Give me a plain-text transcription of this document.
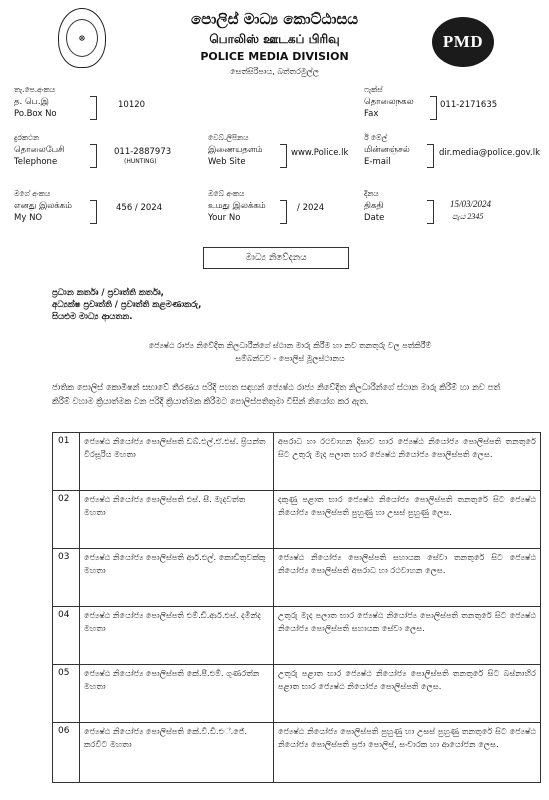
☸	PMD
පොලිස් මාධ්‍ය කොට්ඨාසය
பொலிஸ் ஊடகப் பிரிவு
POLICE MEDIA DIVISION
සෙත්සිරිපාය, බත්තරමුල්ල
තැ.පෙ.අංකය
த. பெ.இ
Po.Box No
10120
ෆැක්ස්
தொலைநகல
Fax
011-2171635
දුරකථන
தொலைபேசி
Telephone
011-2887973
(HUNTING)
වෙබ්.ලිපිනය
இணையதளம்
Web Site
www.Police.lk
ඊ මේල්
மின்னஞ்சல்
E-mail
dir.media@police.gov.lk
මගේ අංකය
எனது இலக்கம்
My NO
456 / 2024
ඔබේ අංකය
உமது இலக்கம்
Your No
/ 2024
දිනය
திகதி
Date
15/03/2024
පැය 2345
මාධ්‍ය නිවේදනය
ප්‍රධාන කර්තෘ / ප්‍රවෘත්ති කර්තෘ,
අධ්‍යක්ෂ ප්‍රවෘත්ති / ප්‍රවෘත්ති කළමණාකරු,
සියළුම මාධ්‍ය ආයතන.
ජ්‍යෙෂ්ඨ රාජ්‍ය නිවේදිත නිලධාරීන්ගේ ස්ථාන මාරු කිරීම හා නව තනතුරු වල පත්කිරීම්
සම්බන්ධව - පොලිස් මූලස්ථානය
ජාතික පොලිස් කොමිෂන් සභාවේ තීරණය පරිදි පහත සඳහන් ජ්‍යෙෂ්ඨ රාජ්‍ය නිවේදිත නිලධාරීන්ගේ ස්ථාන මාරු කිරීම් හා නව පත් කිරීම් වහාම ක්‍රියාත්මක වන පරිදි ක්‍රියාත්මක කිරීමට පොලිස්පතිතුමා විසින් නියෝග කර ඇත.
01	ජ්‍යෙෂ්ඨ නියෝජ්‍ය පොලිස්පති ඩබ්.එල්.ඒ.එස්. ප්‍රියන්ත වීරසූරිය මහතා	අපරාධ හා රථවාහන දිසාව භාර ජ්‍යෙෂ්ඨ නියෝජ්‍ය පොලිස්පති තනතුරේ සිට උතුරු මැද පලාත භාර ජ්‍යෙෂ්ඨ නියෝජ්‍ය පොලිස්පති ලෙස.
02	ජ්‍යෙෂ්ඨ නියෝජ්‍ය පොලිස්පති එස්. සී. මැදවත්ත මහතා	දකුණු පළාත භාර ජ්‍යෙෂ්ඨ නියෝජ්‍ය පොලිස්පති තනතුරේ සිට ජ්‍යෙෂ්ඨ නියෝජ්‍ය පොලිස්පති පුහුණු හා උසස් පුහුණු ලෙස.
03	ජ්‍යෙෂ්ඨ නියෝජ්‍ය පොලිස්පති ආර්.එල්. කොඩිතුවක්කු මහතා	ජ්‍යෙෂ්ඨ නියෝජ්‍ය පොලිස්පති සහායක සේවා තනතුරේ සිට ජ්‍යෙෂ්ඨ නියෝජ්‍ය පොලිස්පති අපරාධ හා රථවාහන ලෙස.
04	ජ්‍යෙෂ්ඨ නියෝජ්‍ය පොලිස්පති එම්.ඩී.ආර්.එස්. දමින්ද මහතා	උතුරු මැද පලාත භාර ජ්‍යෙෂ්ඨ නියෝජ්‍ය පොලිස්පති තනතුරේ සිට ජ්‍යෙෂ්ඨ නියෝජ්‍ය පොලිස්පති සහායක සේවා ලෙස.
05	ජ්‍යෙෂ්ඨ නියෝජ්‍ය පොලිස්පති කේ.පී.එම්. ගුණරත්න මහතා	උතුරු පළාත භාර ජ්‍යෙෂ්ඨ නියෝජ්‍ය පොලිස්පති තනතුරේ සිට බස්නාහිර පළාත භාර ජ්‍යෙෂ්ඨ නියෝජ්‍ය පොලිස්පති ලෙස.
06	ජ්‍යෙෂ්ඨ නියෝජ්‍ය පොලිස්පති කේ.වී.ඩී.එ්.ජේ. කරවිට මහතා	ජ්‍යෙෂ්ඨ නියෝජ්‍ය පොලිස්පති පුහුණු හා උසස් පුහුණු තනතුරේ සිට ජ්‍යෙෂ්ඨ නියෝජ්‍ය පොලිස්පති ප්‍රජා පොලිස්, සංචාරක හා ආයෝජන ලෙස.
